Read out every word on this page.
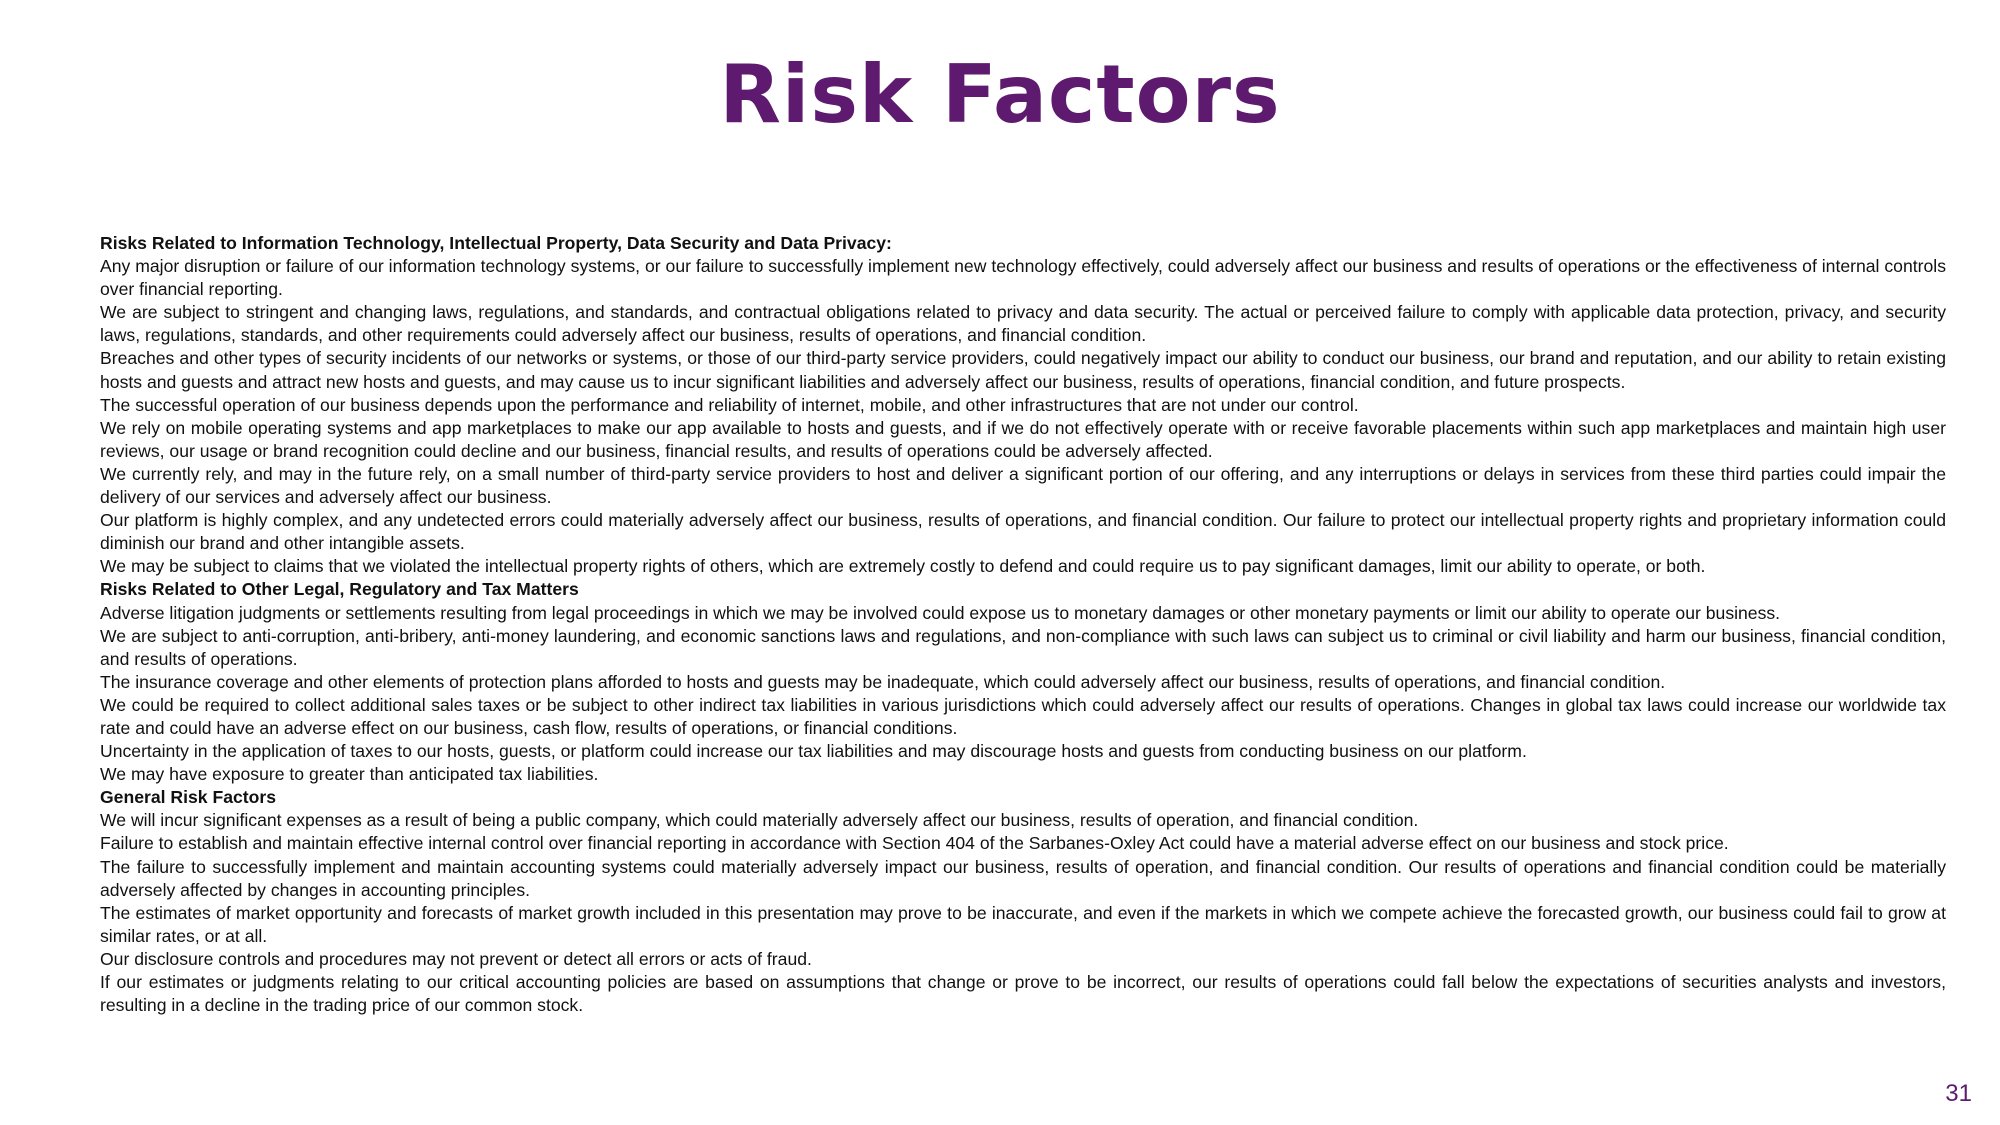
Risk Factors

Risks Related to Information Technology, Intellectual Property, Data Security and Data Privacy:

Any major disruption or failure of our information technology systems, or our failure to successfully implement new technology effectively, could adversely affect our business and results of operations or the effectiveness of internal controls over financial reporting.

We are subject to stringent and changing laws, regulations, and standards, and contractual obligations related to privacy and data security. The actual or perceived failure to comply with applicable data protection, privacy, and security laws, regulations, standards, and other requirements could adversely affect our business, results of operations, and financial condition.

Breaches and other types of security incidents of our networks or systems, or those of our third-party service providers, could negatively impact our ability to conduct our business, our brand and reputation, and our ability to retain existing hosts and guests and attract new hosts and guests, and may cause us to incur significant liabilities and adversely affect our business, results of operations, financial condition, and future prospects.

The successful operation of our business depends upon the performance and reliability of internet, mobile, and other infrastructures that are not under our control.

We rely on mobile operating systems and app marketplaces to make our app available to hosts and guests, and if we do not effectively operate with or receive favorable placements within such app marketplaces and maintain high user reviews, our usage or brand recognition could decline and our business, financial results, and results of operations could be adversely affected.

We currently rely, and may in the future rely, on a small number of third-party service providers to host and deliver a significant portion of our offering, and any interruptions or delays in services from these third parties could impair the delivery of our services and adversely affect our business.

Our platform is highly complex, and any undetected errors could materially adversely affect our business, results of operations, and financial condition. Our failure to protect our intellectual property rights and proprietary information could diminish our brand and other intangible assets.

We may be subject to claims that we violated the intellectual property rights of others, which are extremely costly to defend and could require us to pay significant damages, limit our ability to operate, or both.

Risks Related to Other Legal, Regulatory and Tax Matters

Adverse litigation judgments or settlements resulting from legal proceedings in which we may be involved could expose us to monetary damages or other monetary payments or limit our ability to operate our business.

We are subject to anti-corruption, anti-bribery, anti-money laundering, and economic sanctions laws and regulations, and non-compliance with such laws can subject us to criminal or civil liability and harm our business, financial condition, and results of operations.

The insurance coverage and other elements of protection plans afforded to hosts and guests may be inadequate, which could adversely affect our business, results of operations, and financial condition.

We could be required to collect additional sales taxes or be subject to other indirect tax liabilities in various jurisdictions which could adversely affect our results of operations. Changes in global tax laws could increase our worldwide tax rate and could have an adverse effect on our business, cash flow, results of operations, or financial conditions.

Uncertainty in the application of taxes to our hosts, guests, or platform could increase our tax liabilities and may discourage hosts and guests from conducting business on our platform.

We may have exposure to greater than anticipated tax liabilities.

General Risk Factors

We will incur significant expenses as a result of being a public company, which could materially adversely affect our business, results of operation, and financial condition.

Failure to establish and maintain effective internal control over financial reporting in accordance with Section 404 of the Sarbanes-Oxley Act could have a material adverse effect on our business and stock price.

The failure to successfully implement and maintain accounting systems could materially adversely impact our business, results of operation, and financial condition. Our results of operations and financial condition could be materially adversely affected by changes in accounting principles.

The estimates of market opportunity and forecasts of market growth included in this presentation may prove to be inaccurate, and even if the markets in which we compete achieve the forecasted growth, our business could fail to grow at similar rates, or at all.

Our disclosure controls and procedures may not prevent or detect all errors or acts of fraud.

If our estimates or judgments relating to our critical accounting policies are based on assumptions that change or prove to be incorrect, our results of operations could fall below the expectations of securities analysts and investors, resulting in a decline in the trading price of our common stock.

31
